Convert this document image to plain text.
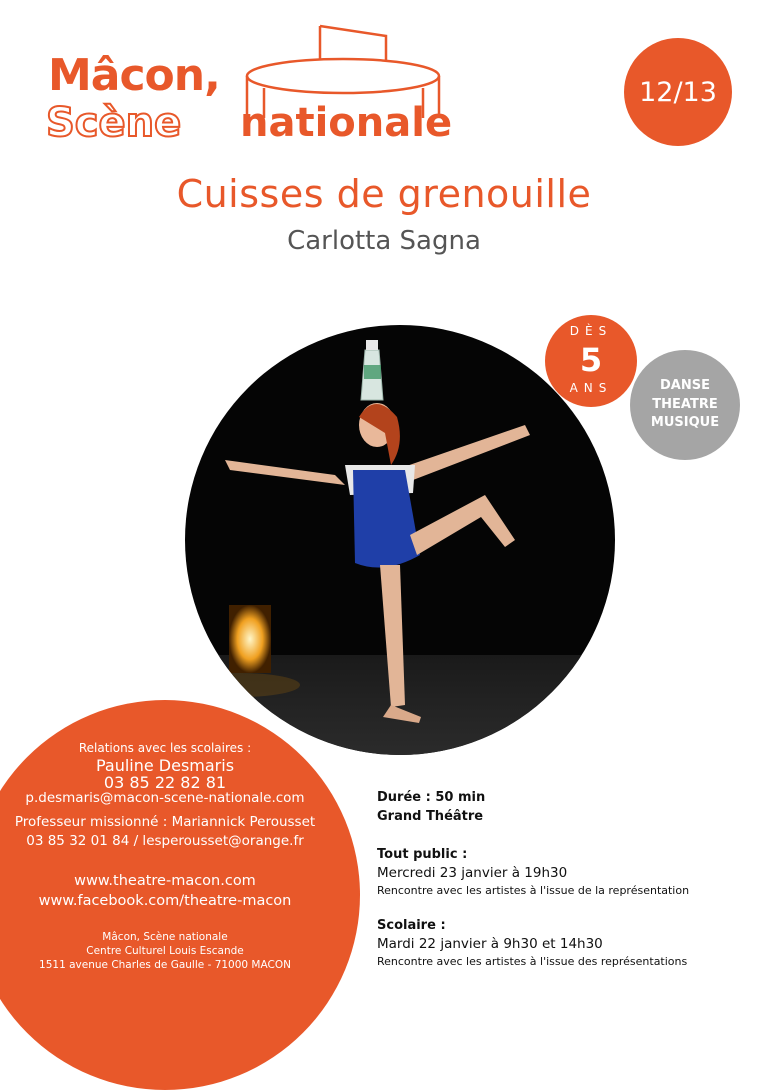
Mâcon,
Scène nationale
12/13
Cuisses de grenouille
Carlotta Sagna
DÈS
5
ANS	DANSE
THEATRE
MUSIQUE
Relations avec les scolaires :
Pauline Desmaris
03 85 22 82 81
p.desmaris@macon-scene-nationale.com
Professeur missionné : Mariannick Perousset
03 85 32 01 84 / lesperousset@orange.fr
www.theatre-macon.com
www.facebook.com/theatre-macon
Mâcon, Scène nationale
Centre Culturel Louis Escande
1511 avenue Charles de Gaulle - 71000 MACON
Durée : 50 min
Grand Théâtre
Tout public :
Mercredi 23 janvier à 19h30
Rencontre avec les artistes à l'issue de la représentation
Scolaire :
Mardi 22 janvier à 9h30 et 14h30
Rencontre avec les artistes à l'issue des représentations
